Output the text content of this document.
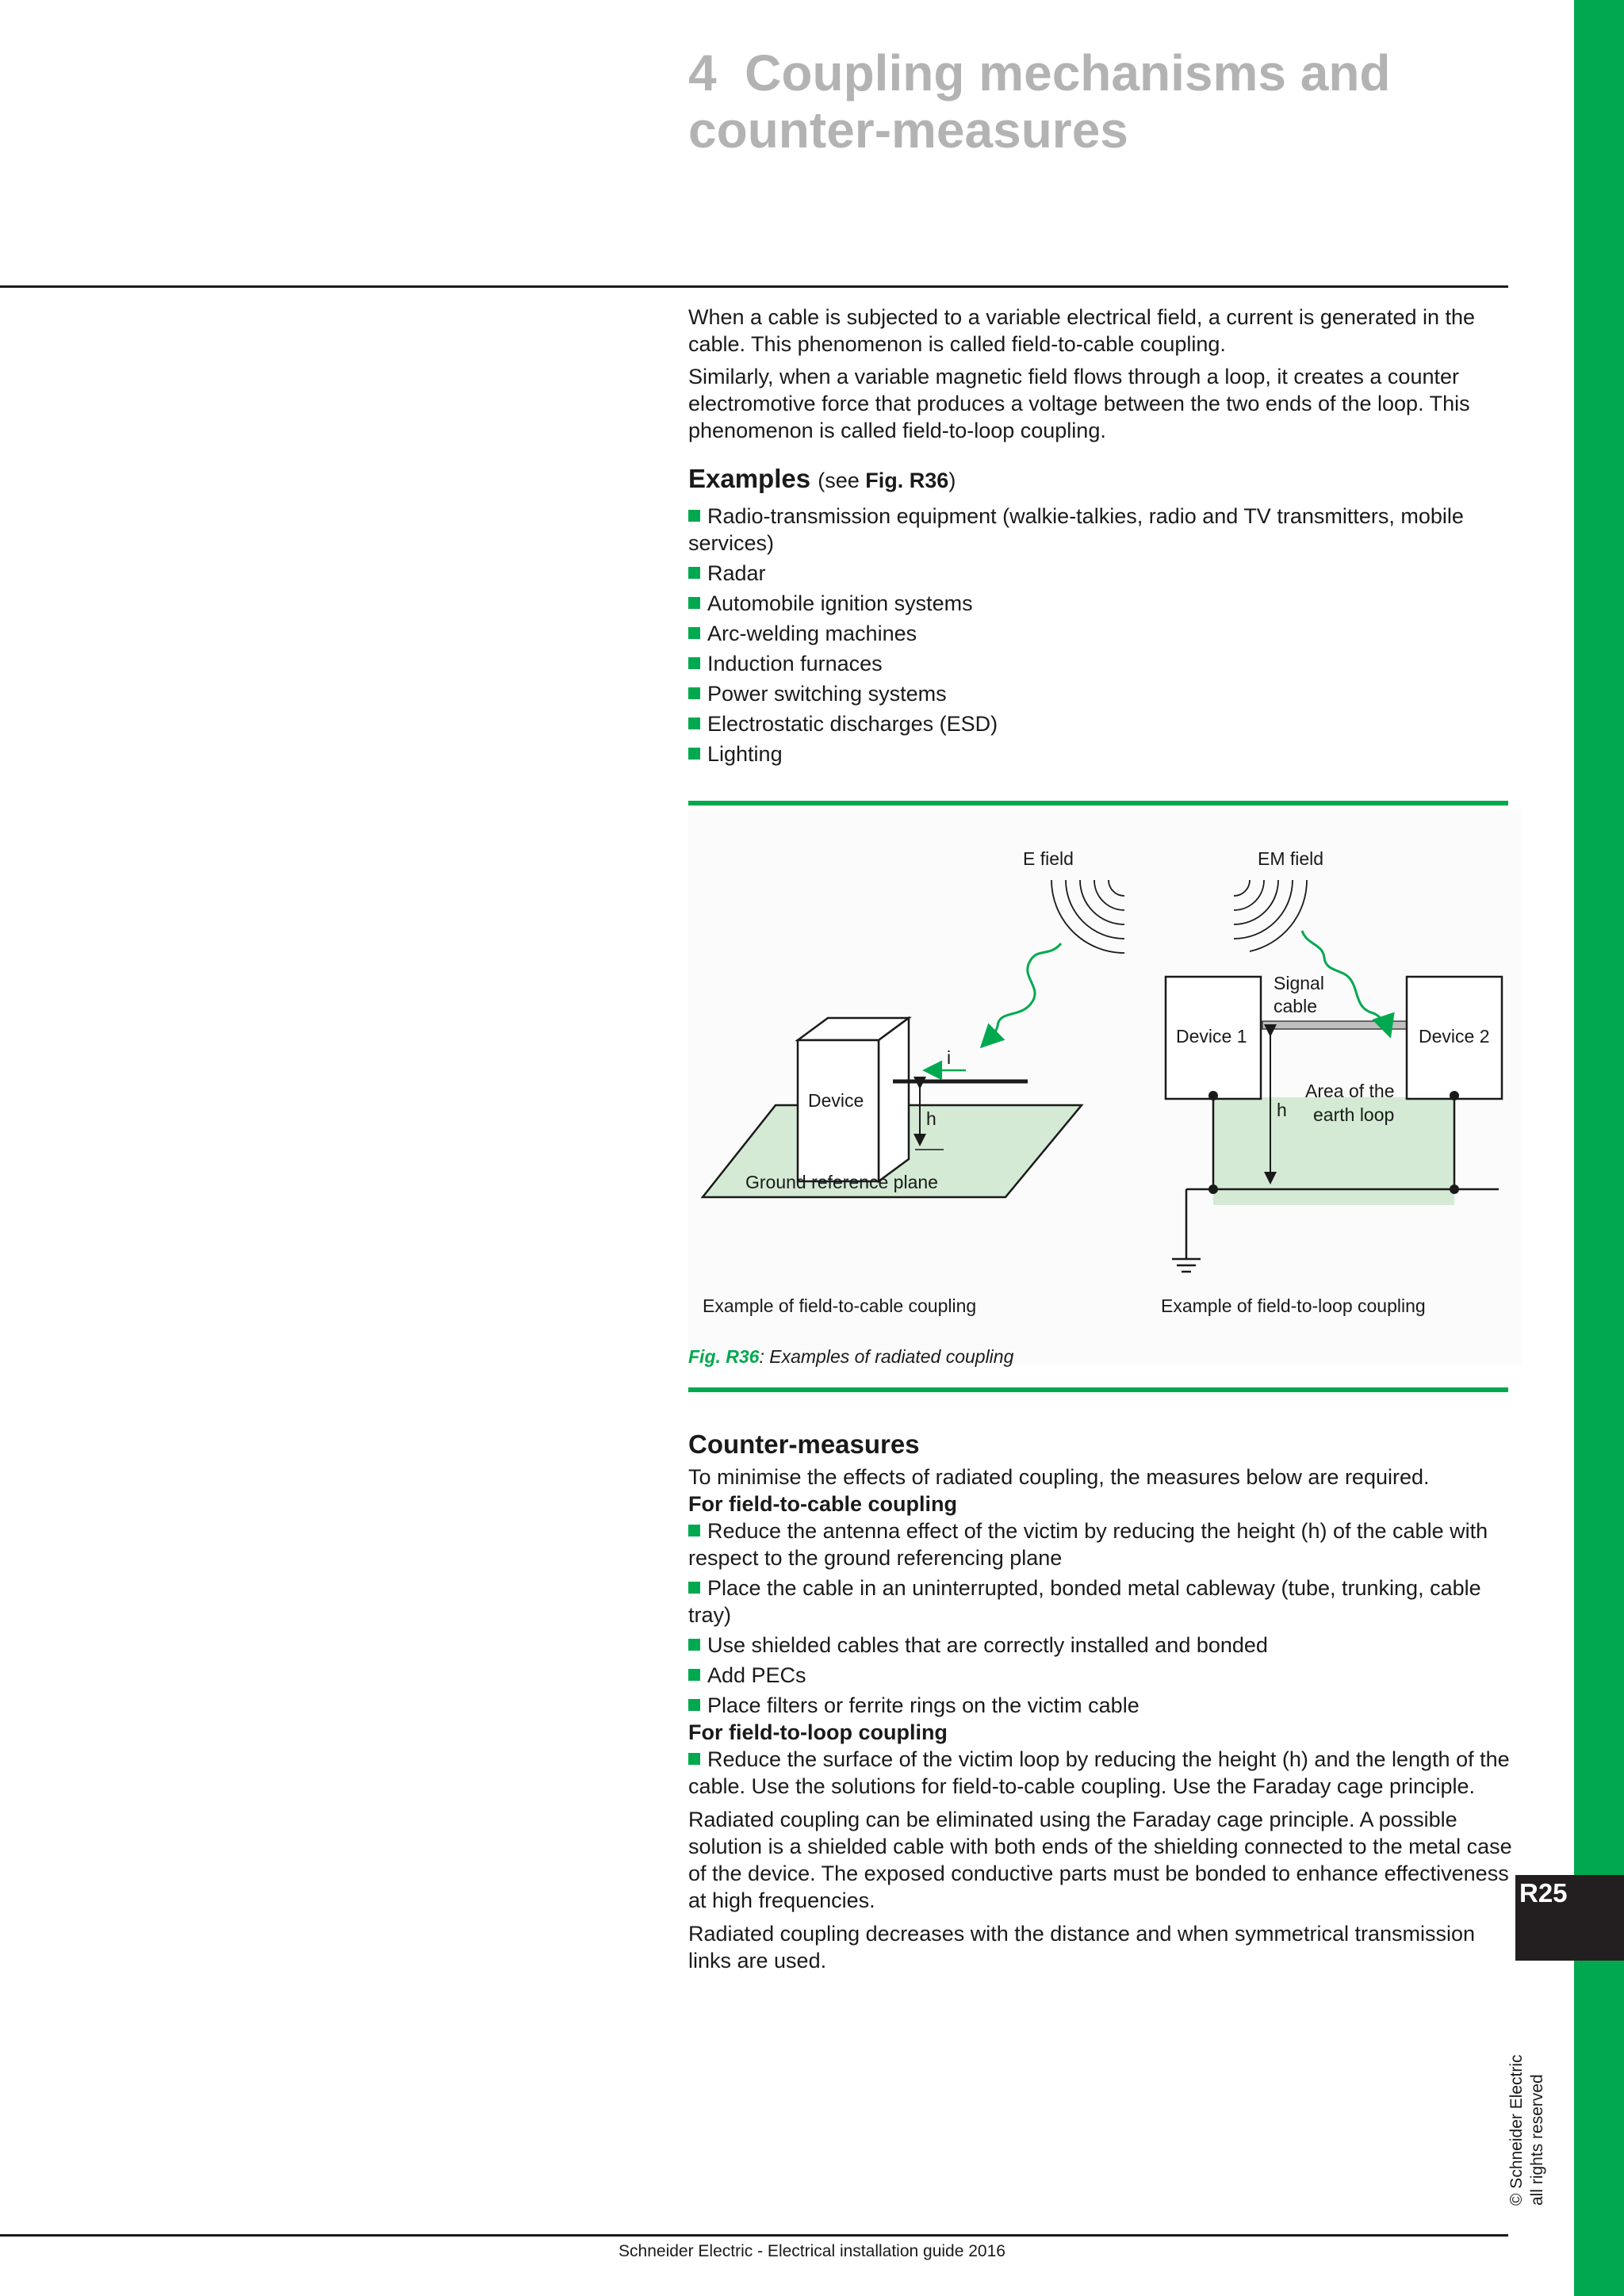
R25
© Schneider Electric all rights reserved
4 Coupling mechanisms and
counter-measures

When a cable is subjected to a variable electrical field, a current is generated in the cable. This phenomenon is called field-to-cable coupling.

Similarly, when a variable magnetic field flows through a loop, it creates a counter electromotive force that produces a voltage between the two ends of the loop. This phenomenon is called field-to-loop coupling.

Examples (see Fig. R36)
Radio-transmission equipment (walkie-talkies, radio and TV transmitters, mobile services)
Radar
Automobile ignition systems
Arc-welding machines
Induction furnaces
Power switching systems
Electrostatic discharges (ESD)
Lighting
E field
Device
i
h
Ground reference plane
Example of field-to-cable coupling
EM field
Signal
cable
Device 1	Device 2
h
Area of the
earth loop
Example of field-to-loop coupling
Fig. R36: Examples of radiated coupling
Counter-measures

To minimise the effects of radiated coupling, the measures below are required.

For field-to-cable coupling
Reduce the antenna effect of the victim by reducing the height (h) of the cable with respect to the ground referencing plane
Place the cable in an uninterrupted, bonded metal cableway (tube, trunking, cable tray)
Use shielded cables that are correctly installed and bonded
Add PECs
Place filters or ferrite rings on the victim cable
For field-to-loop coupling
Reduce the surface of the victim loop by reducing the height (h) and the length of the cable. Use the solutions for field-to-cable coupling. Use the Faraday cage principle.

Radiated coupling can be eliminated using the Faraday cage principle. A possible solution is a shielded cable with both ends of the shielding connected to the metal case of the device. The exposed conductive parts must be bonded to enhance effectiveness at high frequencies.

Radiated coupling decreases with the distance and when symmetrical transmission links are used.

Schneider Electric - Electrical installation guide 2016
